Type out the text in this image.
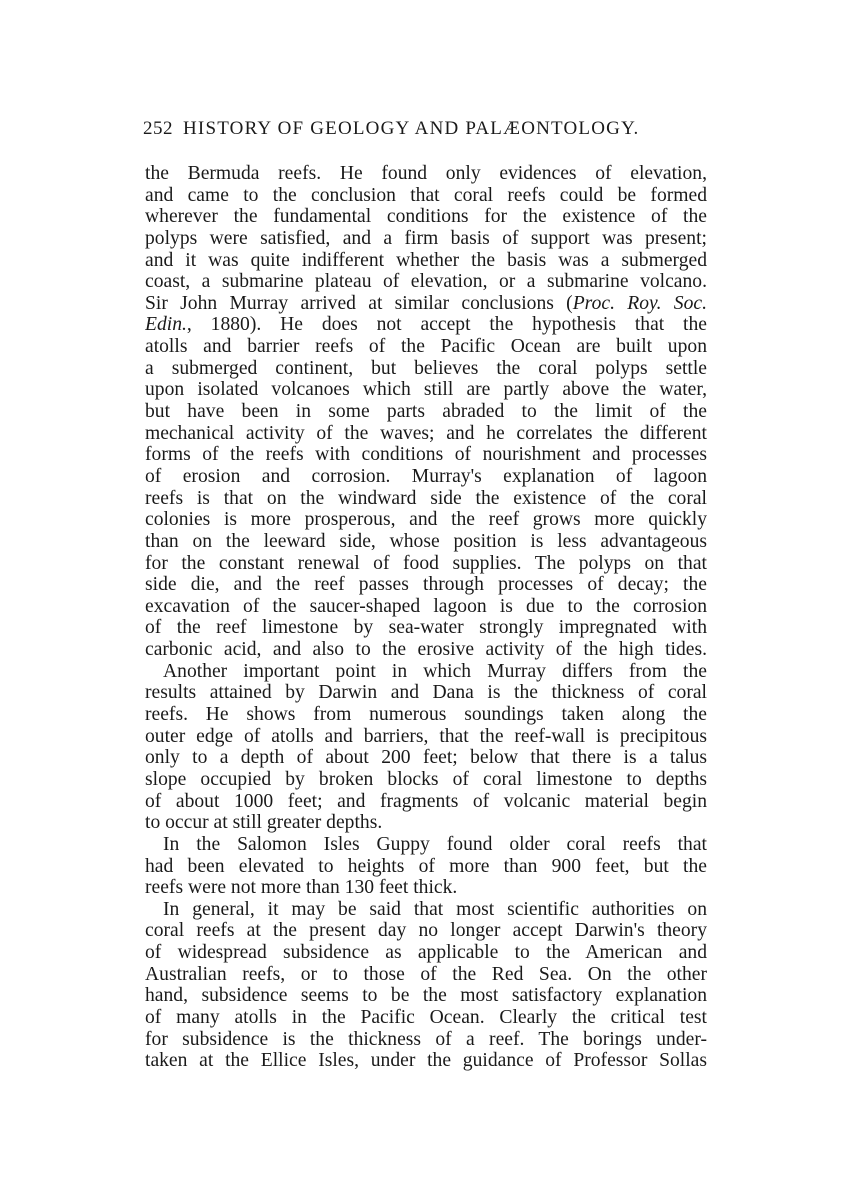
252 HISTORY OF GEOLOGY AND PALÆONTOLOGY.
the Bermuda reefs. He found only evidences of elevation,
and came to the conclusion that coral reefs could be formed
wherever the fundamental conditions for the existence of the
polyps were satisfied, and a firm basis of support was present;
and it was quite indifferent whether the basis was a submerged
coast, a submarine plateau of elevation, or a submarine volcano.
Sir John Murray arrived at similar conclusions (Proc. Roy. Soc.
Edin., 1880). He does not accept the hypothesis that the
atolls and barrier reefs of the Pacific Ocean are built upon
a submerged continent, but believes the coral polyps settle
upon isolated volcanoes which still are partly above the water,
but have been in some parts abraded to the limit of the
mechanical activity of the waves; and he correlates the different
forms of the reefs with conditions of nourishment and processes
of erosion and corrosion. Murray's explanation of lagoon
reefs is that on the windward side the existence of the coral
colonies is more prosperous, and the reef grows more quickly
than on the leeward side, whose position is less advantageous
for the constant renewal of food supplies. The polyps on that
side die, and the reef passes through processes of decay; the
excavation of the saucer-shaped lagoon is due to the corrosion
of the reef limestone by sea-water strongly impregnated with
carbonic acid, and also to the erosive activity of the high tides.
Another important point in which Murray differs from the
results attained by Darwin and Dana is the thickness of coral
reefs. He shows from numerous soundings taken along the
outer edge of atolls and barriers, that the reef-wall is precipitous
only to a depth of about 200 feet; below that there is a talus
slope occupied by broken blocks of coral limestone to depths
of about 1000 feet; and fragments of volcanic material begin
to occur at still greater depths.
In the Salomon Isles Guppy found older coral reefs that
had been elevated to heights of more than 900 feet, but the
reefs were not more than 130 feet thick.
In general, it may be said that most scientific authorities on
coral reefs at the present day no longer accept Darwin's theory
of widespread subsidence as applicable to the American and
Australian reefs, or to those of the Red Sea. On the other
hand, subsidence seems to be the most satisfactory explanation
of many atolls in the Pacific Ocean. Clearly the critical test
for subsidence is the thickness of a reef. The borings under-
taken at the Ellice Isles, under the guidance of Professor Sollas
